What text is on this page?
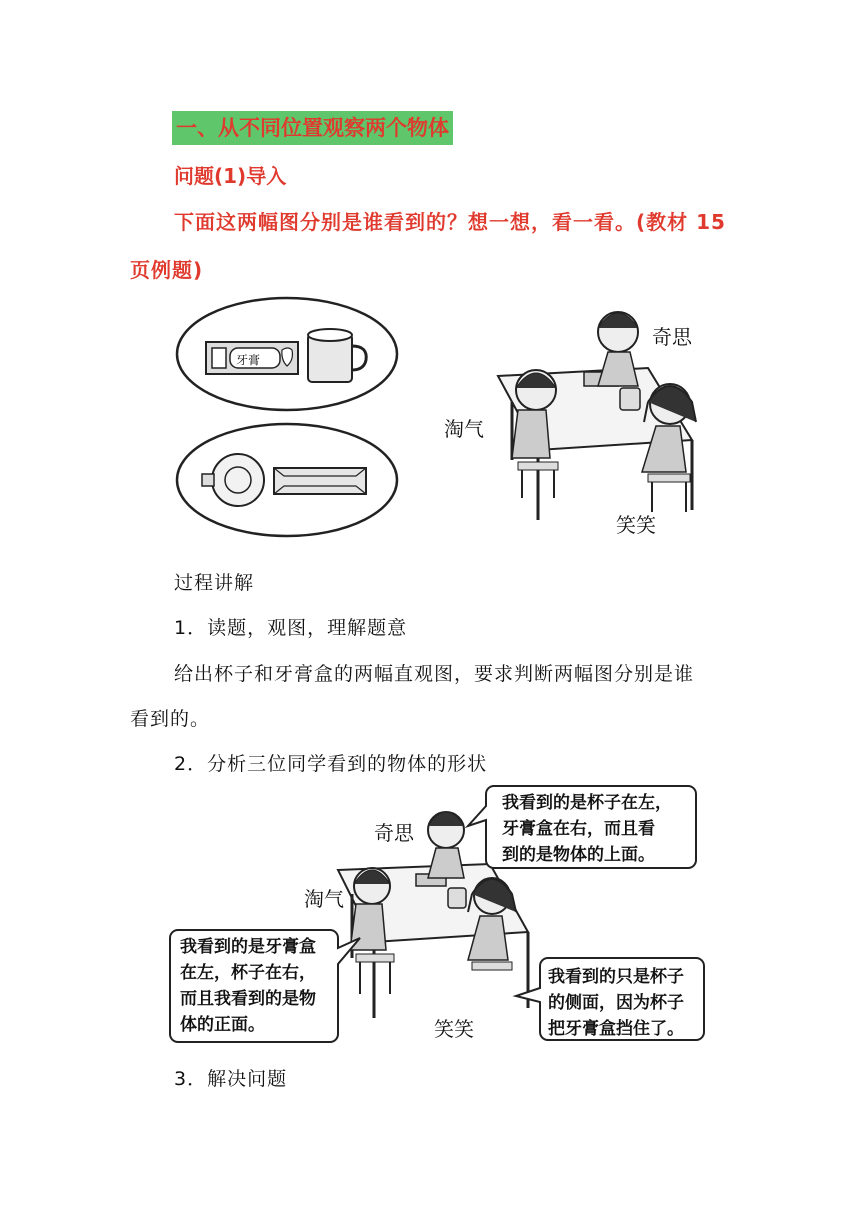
一、从不同位置观察两个物体
问题(1)导入
下面这两幅图分别是谁看到的？想一想，看一看。(教材 15
页例题)
牙膏
奇思
淘气
笑笑
过程讲解
1．读题，观图，理解题意
给出杯子和牙膏盒的两幅直观图，要求判断两幅图分别是谁
看到的。
2．分析三位同学看到的物体的形状
奇思
淘气
笑笑
我看到的是杯子在左，
牙膏盒在右，而且看
到的是物体的上面。
我看到的是牙膏盒
在左，杯子在右，
而且我看到的是物
体的正面。
我看到的只是杯子
的侧面，因为杯子
把牙膏盒挡住了。
3．解决问题
